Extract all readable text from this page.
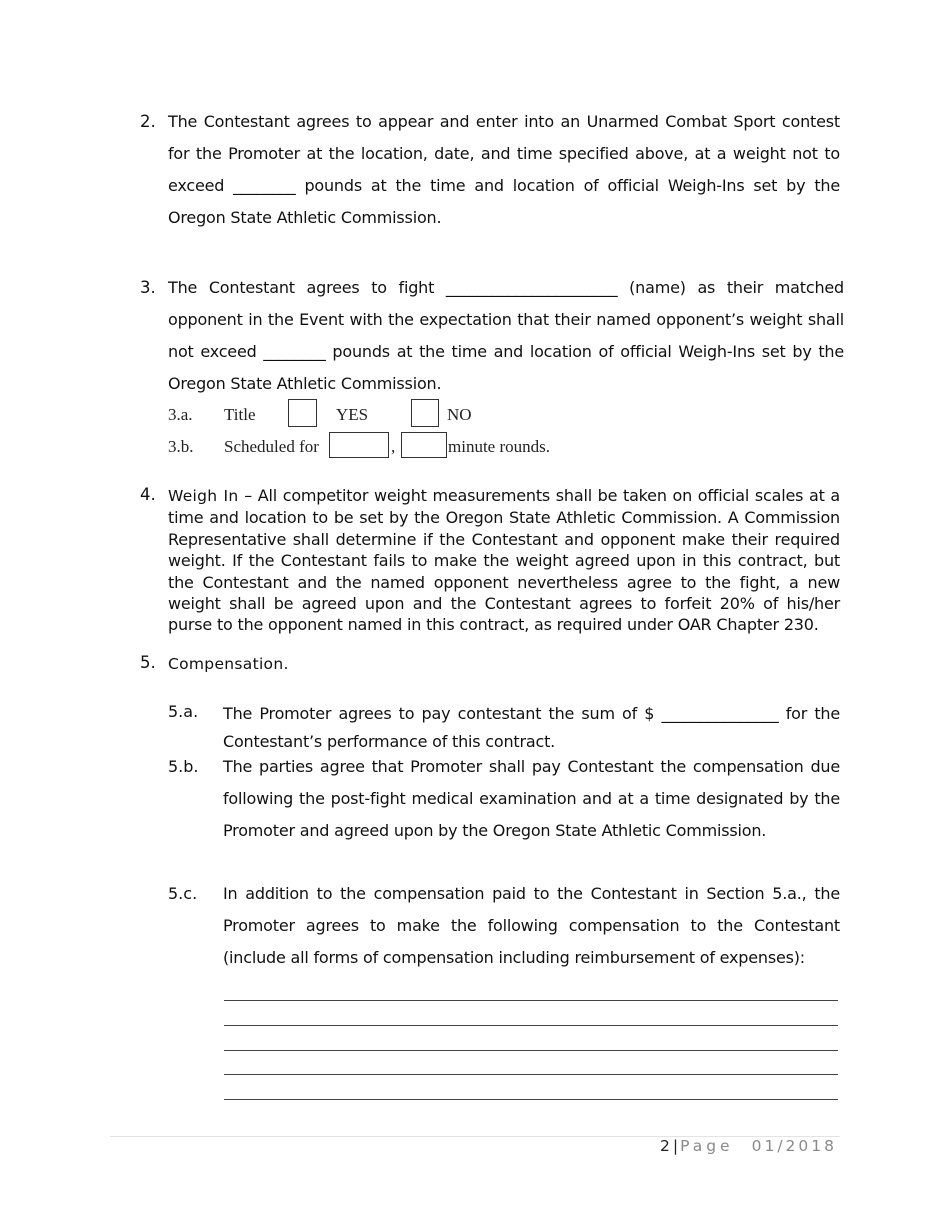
2. The Contestant agrees to appear and enter into an Unarmed Combat Sport contest for the Promoter at the location, date, and time specified above, at a weight not to exceed ________ pounds at the time and location of official Weigh-Ins set by the Oregon State Athletic Commission.
3. The Contestant agrees to fight ______________________ (name) as their matched opponent in the Event with the expectation that their named opponent’s weight shall not exceed ________ pounds at the time and location of official Weigh-Ins set by the Oregon State Athletic Commission.
3.a. Title	YES	NO
3.b. Scheduled for	,	minute rounds.
4. Weigh In – All competitor weight measurements shall be taken on official scales at a time and location to be set by the Oregon State Athletic Commission. A Commission Representative shall determine if the Contestant and opponent make their required weight. If the Contestant fails to make the weight agreed upon in this contract, but the Contestant and the named opponent nevertheless agree to the fight, a new weight shall be agreed upon and the Contestant agrees to forfeit 20% of his/her purse to the opponent named in this contract, as required under OAR Chapter 230.
5. Compensation.
5.a. The Promoter agrees to pay contestant the sum of $ _______________ for the Contestant’s performance of this contract.
5.b. The parties agree that Promoter shall pay Contestant the compensation due following the post-fight medical examination and at a time designated by the Promoter and agreed upon by the Oregon State Athletic Commission.
5.c. In addition to the compensation paid to the Contestant in Section 5.a., the Promoter agrees to make the following compensation to the Contestant (include all forms of compensation including reimbursement of expenses):
2 | Page 01/2018
